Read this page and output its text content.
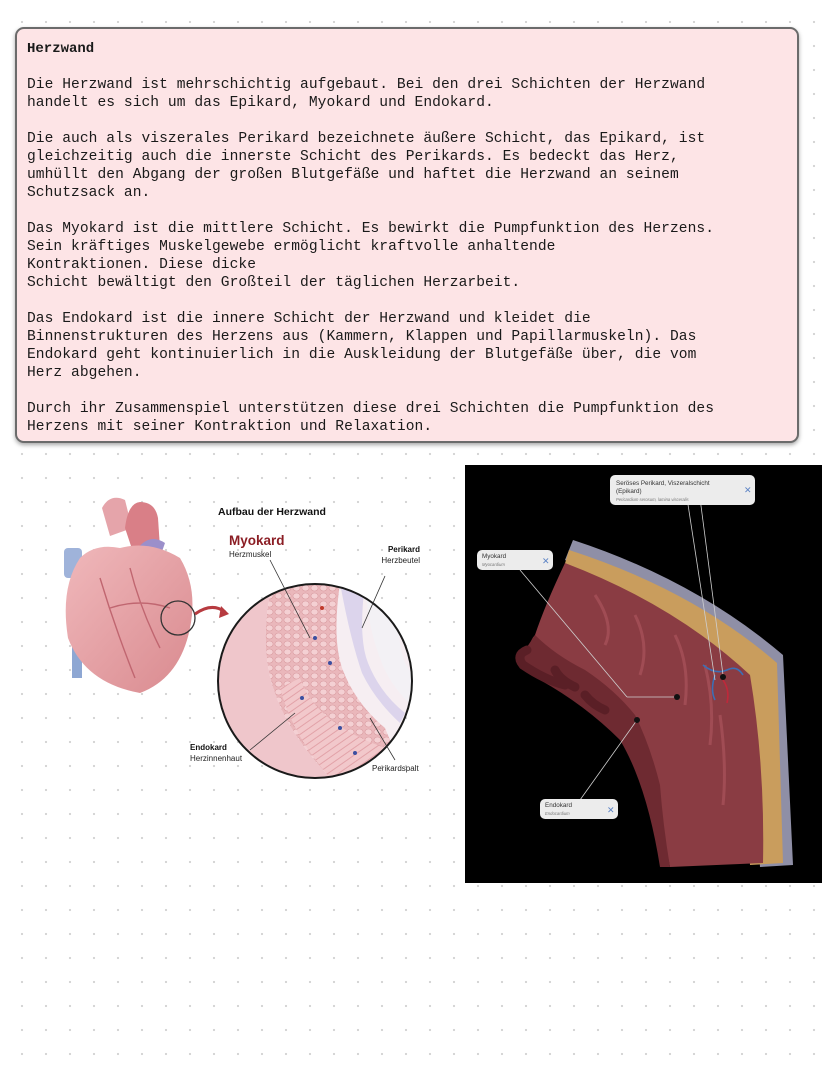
Herzwand

Die Herzwand ist mehrschichtig aufgebaut. Bei den drei Schichten der Herzwand
handelt es sich um das Epikard, Myokard und Endokard.

Die auch als viszerales Perikard bezeichnete äußere Schicht, das Epikard, ist
gleichzeitig auch die innerste Schicht des Perikards. Es bedeckt das Herz,
umhüllt den Abgang der großen Blutgefäße und haftet die Herzwand an seinem
Schutzsack an.

Das Myokard ist die mittlere Schicht. Es bewirkt die Pumpfunktion des Herzens.
Sein kräftiges Muskelgewebe ermöglicht kraftvolle anhaltende
Kontraktionen. Diese dicke
Schicht bewältigt den Großteil der täglichen Herzarbeit.

Das Endokard ist die innere Schicht der Herzwand und kleidet die
Binnenstrukturen des Herzens aus (Kammern, Klappen und Papillarmuskeln). Das
Endokard geht kontinuierlich in die Auskleidung der Blutgefäße über, die vom
Herz abgehen.

Durch ihr Zusammenspiel unterstützen diese drei Schichten die Pumpfunktion des
Herzens mit seiner Kontraktion und Relaxation.

Aufbau der Herzwand
Myokard
Herzmuskel
Perikard
Herzbeutel
Endokard
Herzinnenhaut
Perikardspalt
Seröses Perikard, Viszeralschicht
(Epikard)
Pericardium serosum, lamina visceralis
✕
Myokard
Myocardium	✕
Endokard
Endocardium	✕
